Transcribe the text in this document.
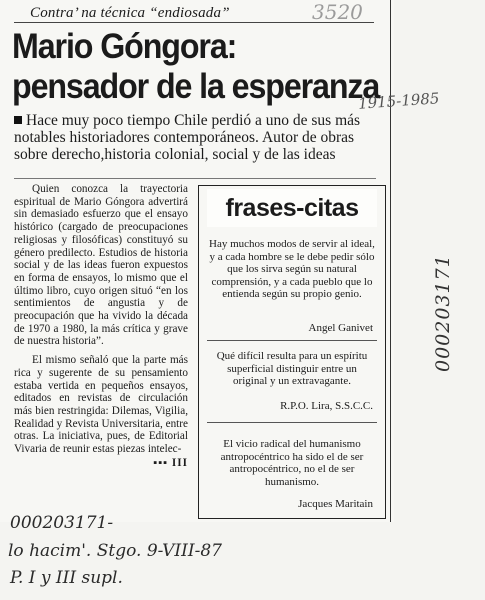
Contra’ na técnica “endiosada”
Mario Góngora:
pensador de la esperanza
Hace muy poco tiempo Chile perdió a uno de sus más notables historiadores contemporáneos. Autor de obras sobre derecho,historia colonial, social y de las ideas

Quien conozca la trayectoria espiritual de Mario Góngora advertirá sin demasiado esfuerzo que el ensayo histórico (cargado de preocupaciones religiosas y filosóficas) constituyó su género predilecto. Estudios de historia social y de las ideas fueron expuestos en forma de ensayos, lo mismo que el último libro, cuyo origen situó “en los sentimientos de angustia y de preocupación que ha vivido la década de 1970 a 1980, la más crítica y grave de nuestra historia”.

El mismo señaló que la parte más rica y sugerente de su pensamiento estaba vertida en pequeños ensayos, editados en revistas de circulación más bien restringida: Dilemas, Vigilia, Realidad y Revista Universitaria, entre otras. La iniciativa, pues, de Editorial Vivaria de reunir estas piezas intelec-

▪▪▪ III
frases-citas
Hay muchos modos de servir al ideal, y a cada hombre se le debe pedir sólo que los sirva según su natural comprensión, y a cada pueblo que lo entienda según su propio genio.
Angel Ganivet
Qué difícil resulta para un espíritu superficial distinguir entre un original y un extravagante.
R.P.O. Lira, S.S.C.C.
El vicio radical del humanismo antropocéntrico ha sido el de ser antropocéntrico, no el de ser humanismo.
Jacques Maritain
3520
1915-1985
000203171
000203171-
lo hacim'. Stgo. 9-VIII-87
P. I y III supl.
